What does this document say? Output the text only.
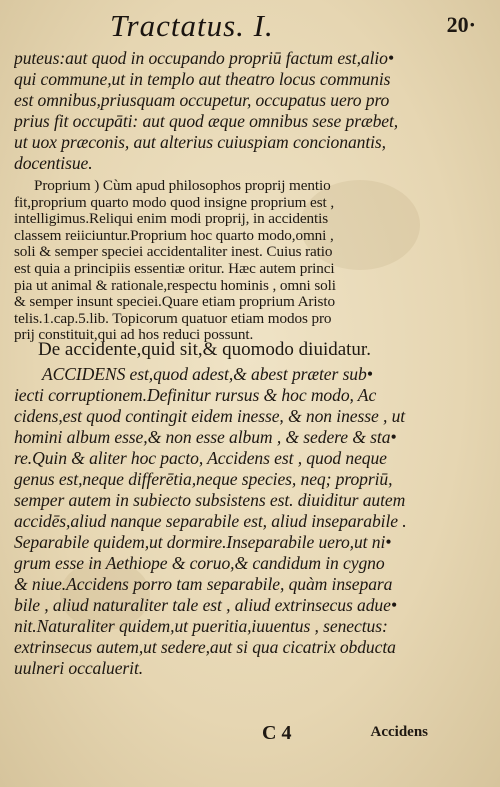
Tractatus. I.	20·
puteus:aut quod in occupando propriū factum est,alio•
qui commune,ut in templo aut theatro locus communis
est omnibus,priusquam occupetur, occupatus uero pro
prius fit occupāti: aut quod æque omnibus sese præbet,
ut uox præconis, aut alterius cuiuspiam concionantis,
docentisue.
Proprium ) Cùm apud philosophos proprij mentio
fit,proprium quarto modo quod insigne proprium est ,
intelligimus.Reliqui enim modi proprij, in accidentis
classem reiiciuntur.Proprium hoc quarto modo,omni ,
soli & semper speciei accidentaliter inest. Cuius ratio
est quia a principiis essentiæ oritur. Hæc autem princi
pia ut animal & rationale,respectu hominis , omni soli
& semper insunt speciei.Quare etiam proprium Aristo
telis.1.cap.5.lib. Topicorum quatuor etiam modos pro
prij constituit,qui ad hos reduci possunt.
De accidente,quid sit,& quomodo diuidatur.
ACCIDENS est,quod adest,& abest præter sub•
iecti corruptionem.Definitur rursus & hoc modo, Ac
cidens,est quod contingit eidem inesse, & non inesse , ut
homini album esse,& non esse album , & sedere & sta•
re.Quin & aliter hoc pacto, Accidens est , quod neque
genus est,neque differētia,neque species, neq; propriū,
semper autem in subiecto subsistens est. diuiditur autem
accidēs,aliud nanque separabile est, aliud inseparabile .
Separabile quidem,ut dormire.Inseparabile uero,ut ni•
grum esse in Aethiope & coruo,& candidum in cygno
& niue.Accidens porro tam separabile, quàm insepara
bile , aliud naturaliter tale est , aliud extrinsecus adue•
nit.Naturaliter quidem,ut pueritia,iuuentus , senectus:
extrinsecus autem,ut sedere,aut si qua cicatrix obducta
uulneri occaluerit.
C 4	Accidens
